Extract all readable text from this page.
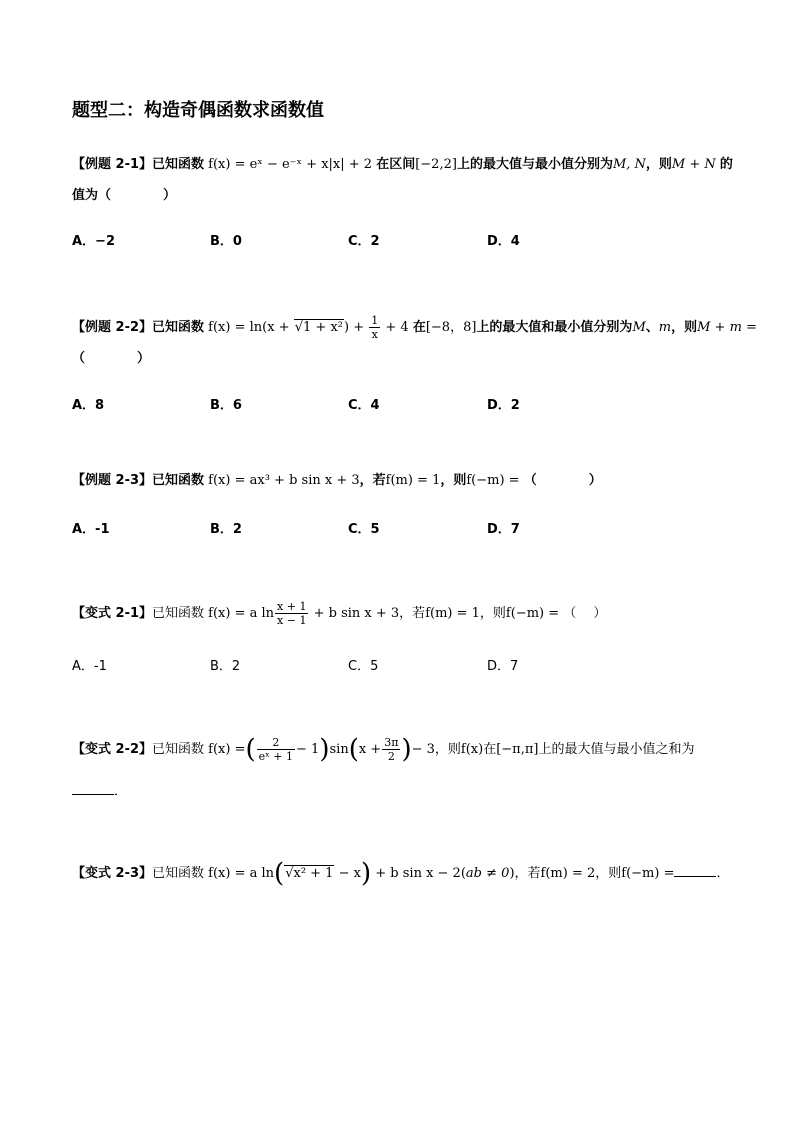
题型二：构造奇偶函数求函数值
【例题 2-1】已知函数 f(x) = eˣ − e⁻ˣ + x|x| + 2 在区间[−2,2]上的最大值与最小值分别为M, N，则M + N 的
值为（　　　　）
A．−2	B．0	C．2	D．4
【例题 2-2】已知函数 $f(x) = \ln(x + √1 + x^2) + \frac{1}{x} + 4$ 在[−8，8]上的最大值和最小值分别为M、m，则M + m =
（　　　　）
A．8	B．6	C．4	D．2
【例题 2-3】已知函数 f(x) = ax³ + b sin x + 3，若f(m) = 1，则f(−m) = （　　　　）
A．-1	B．2	C．5	D．7
【变式 2-1】已知函数 f(x) = a $\ln \frac{x + 1}{x - 1} + b$ sin x + 3，若f(m) = 1，则f(−m) = （　 ）
A．-1	B．2	C．5	D．7
【变式 2-2】已知函数 f(x) =( $\frac{2}{\text{eˣ + 1}} - 1)\sin(x + \frac{3\pi}{2}$ )− 3，则f(x)在[−π,π]上的最大值与最小值之和为
．
【变式 2-3】已知函数 f(x) = a ln(√x² + 1 − x) + b sin x − 2(ab ≠ 0)，若f(m) = 2，则f(−m) =	．
